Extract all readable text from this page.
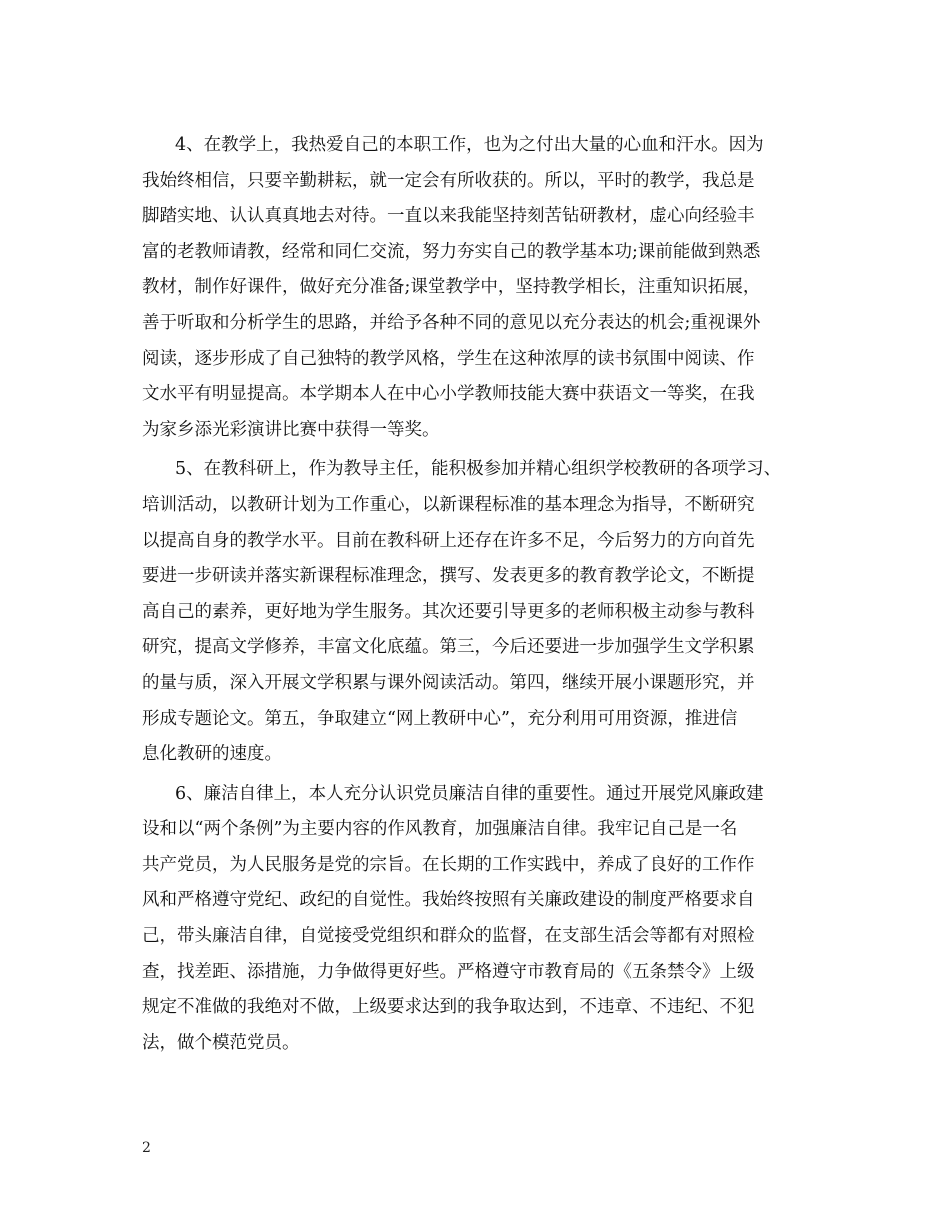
4、在教学上，我热爱自己的本职工作，也为之付出大量的心血和汗水。因为
我始终相信，只要辛勤耕耘，就一定会有所收获的。所以，平时的教学，我总是
脚踏实地、认认真真地去对待。一直以来我能坚持刻苦钻研教材，虚心向经验丰
富的老教师请教，经常和同仁交流，努力夯实自己的教学基本功;课前能做到熟悉
教材，制作好课件，做好充分准备;课堂教学中，坚持教学相长，注重知识拓展，
善于听取和分析学生的思路，并给予各种不同的意见以充分表达的机会;重视课外
阅读，逐步形成了自己独特的教学风格，学生在这种浓厚的读书氛围中阅读、作
文水平有明显提高。本学期本人在中心小学教师技能大赛中获语文一等奖，在我
为家乡添光彩演讲比赛中获得一等奖。
5、在教科研上，作为教导主任，能积极参加并精心组织学校教研的各项学习、
培训活动，以教研计划为工作重心，以新课程标准的基本理念为指导，不断研究
以提高自身的教学水平。目前在教科研上还存在许多不足，今后努力的方向首先
要进一步研读并落实新课程标准理念，撰写、发表更多的教育教学论文，不断提
高自己的素养，更好地为学生服务。其次还要引导更多的老师积极主动参与教科
研究，提高文学修养，丰富文化底蕴。第三，今后还要进一步加强学生文学积累
的量与质，深入开展文学积累与课外阅读活动。第四，继续开展小课题形究，并
形成专题论文。第五，争取建立“网上教研中心”，充分利用可用资源，推进信
息化教研的速度。
6、廉洁自律上，本人充分认识党员廉洁自律的重要性。通过开展党风廉政建
设和以“两个条例”为主要内容的作风教育，加强廉洁自律。我牢记自己是一名
共产党员，为人民服务是党的宗旨。在长期的工作实践中，养成了良好的工作作
风和严格遵守党纪、政纪的自觉性。我始终按照有关廉政建设的制度严格要求自
己，带头廉洁自律，自觉接受党组织和群众的监督，在支部生活会等都有对照检
查，找差距、添措施，力争做得更好些。严格遵守市教育局的《五条禁令》上级
规定不准做的我绝对不做，上级要求达到的我争取达到，不违章、不违纪、不犯
法，做个模范党员。
2
